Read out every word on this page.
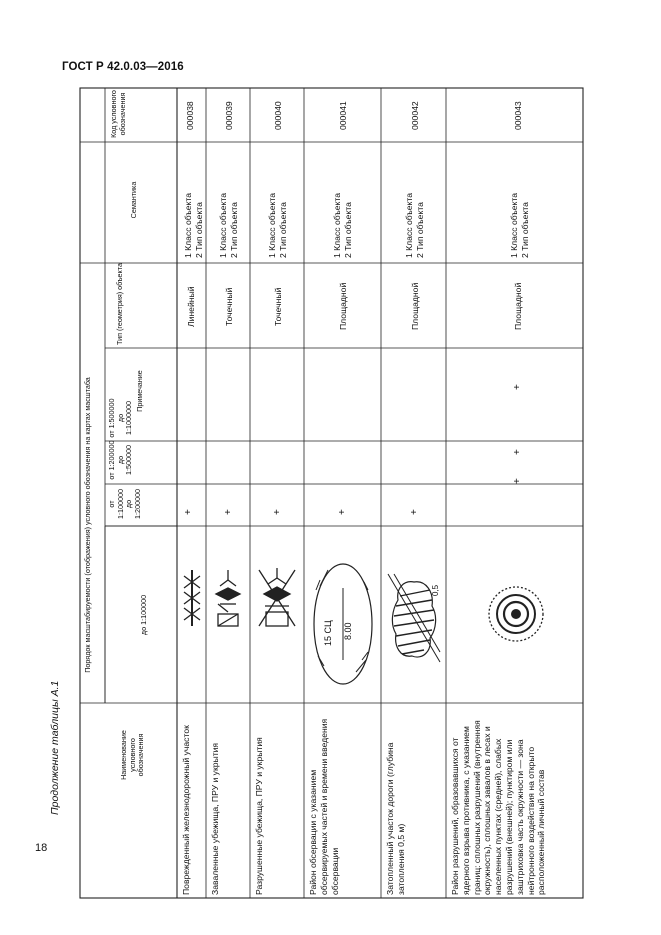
ГОСТ Р 42.0.03—2016
18
Продолжение таблицы А.1	Наименование условного обозначения
Порядок масштабируемости (отображения) условного обозначения на картах масштаба	до 1:100000
от 1:100000 до 1:200000
от 1:200000 до 1:500000
от 1:500000 до 1:1000000
Примечание
Тип (геометрия) объекта
Семантика
Код условного обозначения
Поврежденный железнодорожный участок
+
Линейный
1 Класс объекта
2 Тип объекта
000038
Заваленные убежища, ПРУ и укрытия
+
Точечный
1 Класс объекта
2 Тип объекта
000039
Разрушенные убежища, ПРУ и укрытия
+
Точечный
1 Класс объекта
2 Тип объекта
000040
Район обсервации с указанием обсервируемых частей и времени введения обсервации
15 СЦ 8.00
+
Площадной
1 Класс объекта
2 Тип объекта
000041
Затопленный участок дороги (глубина затопления 0,5 м)
0,5
+
Площадной
1 Класс объекта
2 Тип объекта
000042
Район разрушений, образовавшихся от ядерного взрыва противника, с указанием границ: сплошных разрушений (внутренняя окружность), сплошных завалов в лесах и населенных пунктах (средней), слабых разрушений (внешней); пунктиром или заштриховка часть окружности — зона нейтронного воздействия на открыто расположенный личный состав
+
+
+
Площадной
1 Класс объекта
2 Тип объекта
000043
